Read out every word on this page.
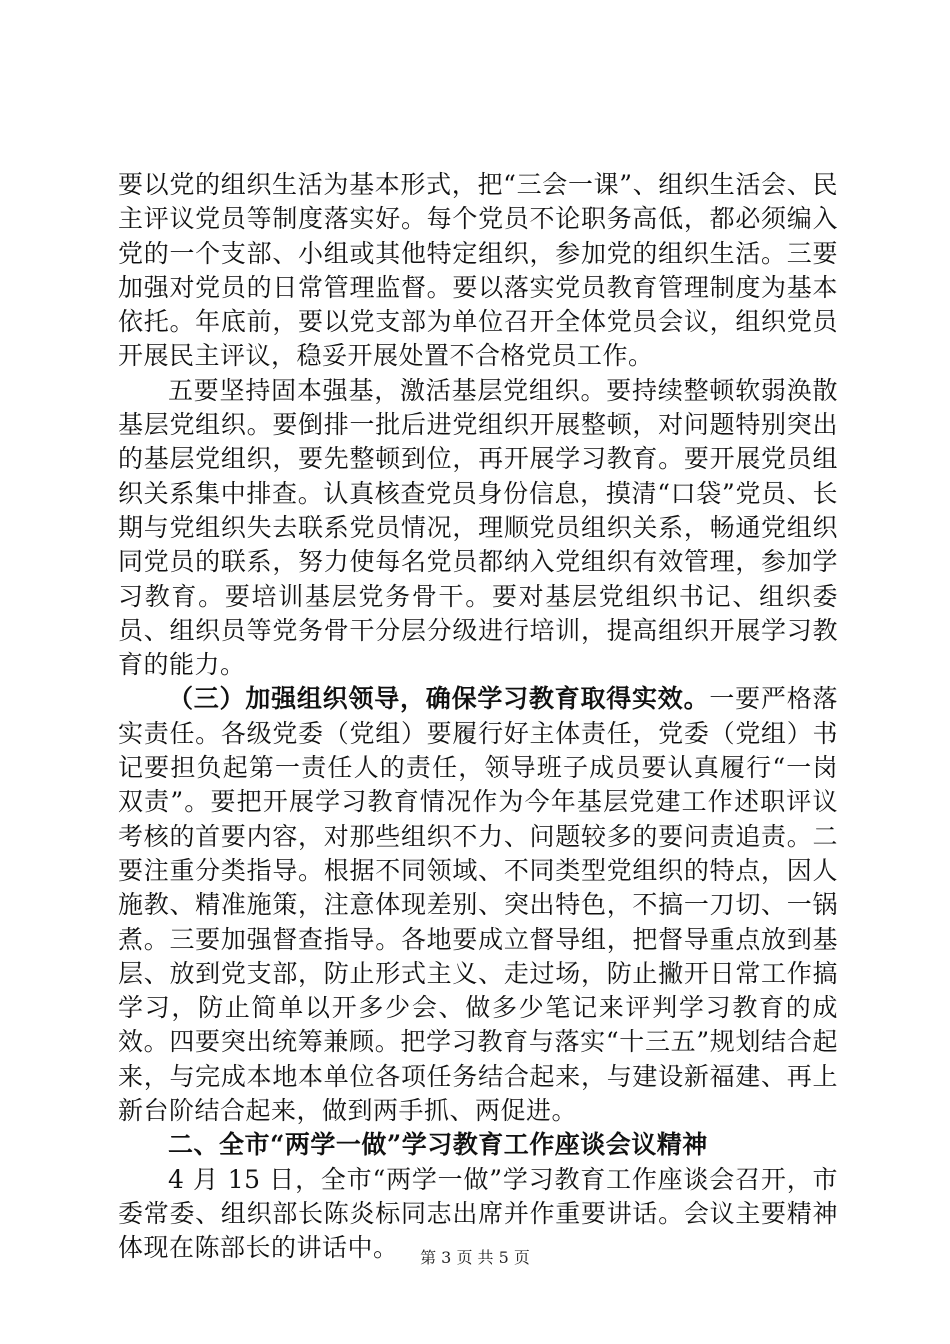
要以党的组织生活为基本形式，把“三会一课”、组织生活会、民主评议党员等制度落实好。每个党员不论职务高低，都必须编入党的一个支部、小组或其他特定组织，参加党的组织生活。三要加强对党员的日常管理监督。要以落实党员教育管理制度为基本依托。年底前，要以党支部为单位召开全体党员会议，组织党员开展民主评议，稳妥开展处置不合格党员工作。

五要坚持固本强基，激活基层党组织。要持续整顿软弱涣散基层党组织。要倒排一批后进党组织开展整顿，对问题特别突出的基层党组织，要先整顿到位，再开展学习教育。要开展党员组织关系集中排查。认真核查党员身份信息，摸清“口袋”党员、长期与党组织失去联系党员情况，理顺党员组织关系，畅通党组织同党员的联系，努力使每名党员都纳入党组织有效管理，参加学习教育。要培训基层党务骨干。要对基层党组织书记、组织委员、组织员等党务骨干分层分级进行培训，提高组织开展学习教育的能力。

（三）加强组织领导，确保学习教育取得实效。一要严格落实责任。各级党委（党组）要履行好主体责任，党委（党组）书记要担负起第一责任人的责任，领导班子成员要认真履行“一岗双责”。要把开展学习教育情况作为今年基层党建工作述职评议考核的首要内容，对那些组织不力、问题较多的要问责追责。二要注重分类指导。根据不同领域、不同类型党组织的特点，因人施教、精准施策，注意体现差别、突出特色，不搞一刀切、一锅煮。三要加强督查指导。各地要成立督导组，把督导重点放到基层、放到党支部，防止形式主义、走过场，防止撇开日常工作搞学习，防止简单以开多少会、做多少笔记来评判学习教育的成效。四要突出统筹兼顾。把学习教育与落实“十三五”规划结合起来，与完成本地本单位各项任务结合起来，与建设新福建、再上新台阶结合起来，做到两手抓、两促进。

二、全市“两学一做”学习教育工作座谈会议精神

4 月 15 日，全市“两学一做”学习教育工作座谈会召开，市委常委、组织部长陈炎标同志出席并作重要讲话。会议主要精神体现在陈部长的讲话中。	第 3 页 共 5 页
